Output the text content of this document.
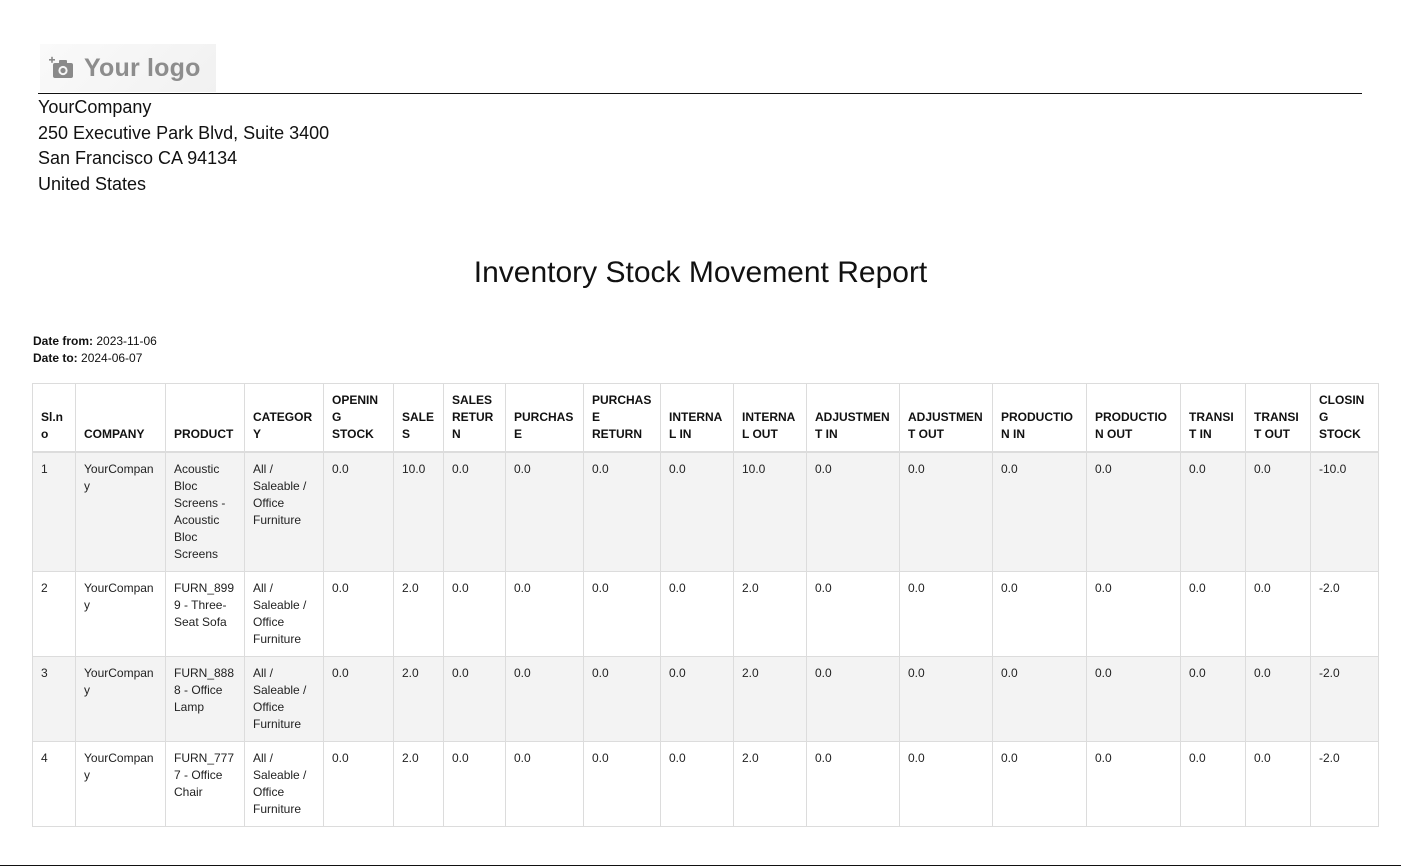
Your logo
YourCompany
250 Executive Park Blvd, Suite 3400
San Francisco CA 94134
United States
Inventory Stock Movement Report
Date from: 2023-11-06
Date to: 2024-06-07
Sl.no	COMPANY	PRODUCT	CATEGORY	OPENING STOCK	SALES	SALES RETURN	PURCHASE	PURCHASE RETURN	INTERNAL IN	INTERNAL OUT	ADJUSTMENT IN	ADJUSTMENT OUT	PRODUCTION IN	PRODUCTION OUT	TRANSIT IN	TRANSIT OUT	CLOSING STOCK
1	YourCompany	Acoustic Bloc Screens - Acoustic Bloc Screens	All / Saleable / Office Furniture	0.0	10.0	0.0	0.0	0.0	0.0	10.0	0.0	0.0	0.0	0.0	0.0	0.0	-10.0
2	YourCompany	FURN_8999 - Three-Seat Sofa	All / Saleable / Office Furniture	0.0	2.0	0.0	0.0	0.0	0.0	2.0	0.0	0.0	0.0	0.0	0.0	0.0	-2.0
3	YourCompany	FURN_8888 - Office Lamp	All / Saleable / Office Furniture	0.0	2.0	0.0	0.0	0.0	0.0	2.0	0.0	0.0	0.0	0.0	0.0	0.0	-2.0
4	YourCompany	FURN_7777 - Office Chair	All / Saleable / Office Furniture	0.0	2.0	0.0	0.0	0.0	0.0	2.0	0.0	0.0	0.0	0.0	0.0	0.0	-2.0
